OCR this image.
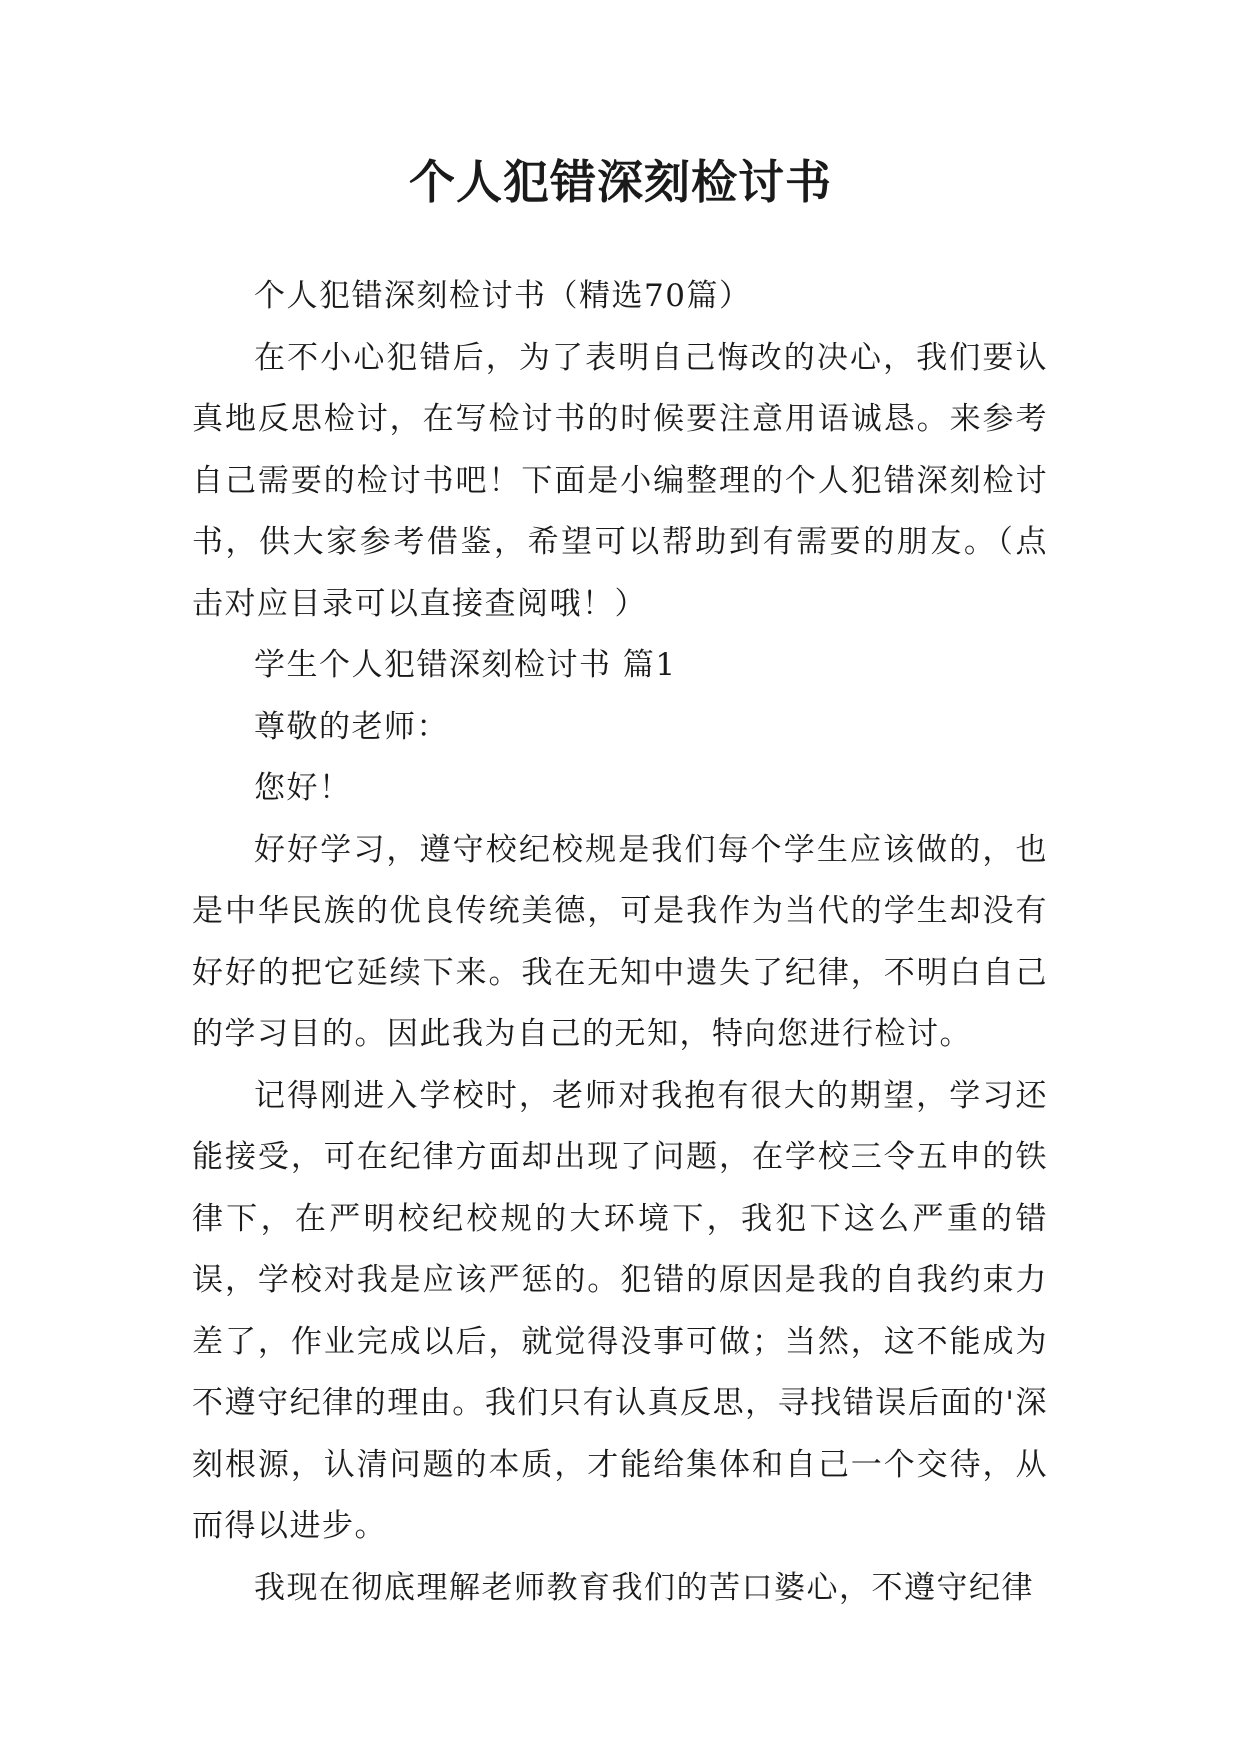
个人犯错深刻检讨书

个人犯错深刻检讨书（精选70篇）

在不小心犯错后，为了表明自己悔改的决心，我们要认真地反思检讨，在写检讨书的时候要注意用语诚恳。来参考自己需要的检讨书吧！下面是小编整理的个人犯错深刻检讨书，供大家参考借鉴，希望可以帮助到有需要的朋友。（点击对应目录可以直接查阅哦！）

学生个人犯错深刻检讨书 篇1

尊敬的老师：

您好！

好好学习，遵守校纪校规是我们每个学生应该做的，也是中华民族的优良传统美德，可是我作为当代的学生却没有好好的把它延续下来。我在无知中遗失了纪律，不明白自己的学习目的。因此我为自己的无知，特向您进行检讨。

记得刚进入学校时，老师对我抱有很大的期望，学习还能接受，可在纪律方面却出现了问题，在学校三令五申的铁律下，在严明校纪校规的大环境下，我犯下这么严重的错误，学校对我是应该严惩的。犯错的原因是我的自我约束力差了，作业完成以后，就觉得没事可做；当然，这不能成为不遵守纪律的理由。我们只有认真反思，寻找错误后面的'深刻根源，认清问题的本质，才能给集体和自己一个交待，从而得以进步。

我现在彻底理解老师教育我们的苦口婆心，不遵守纪律
